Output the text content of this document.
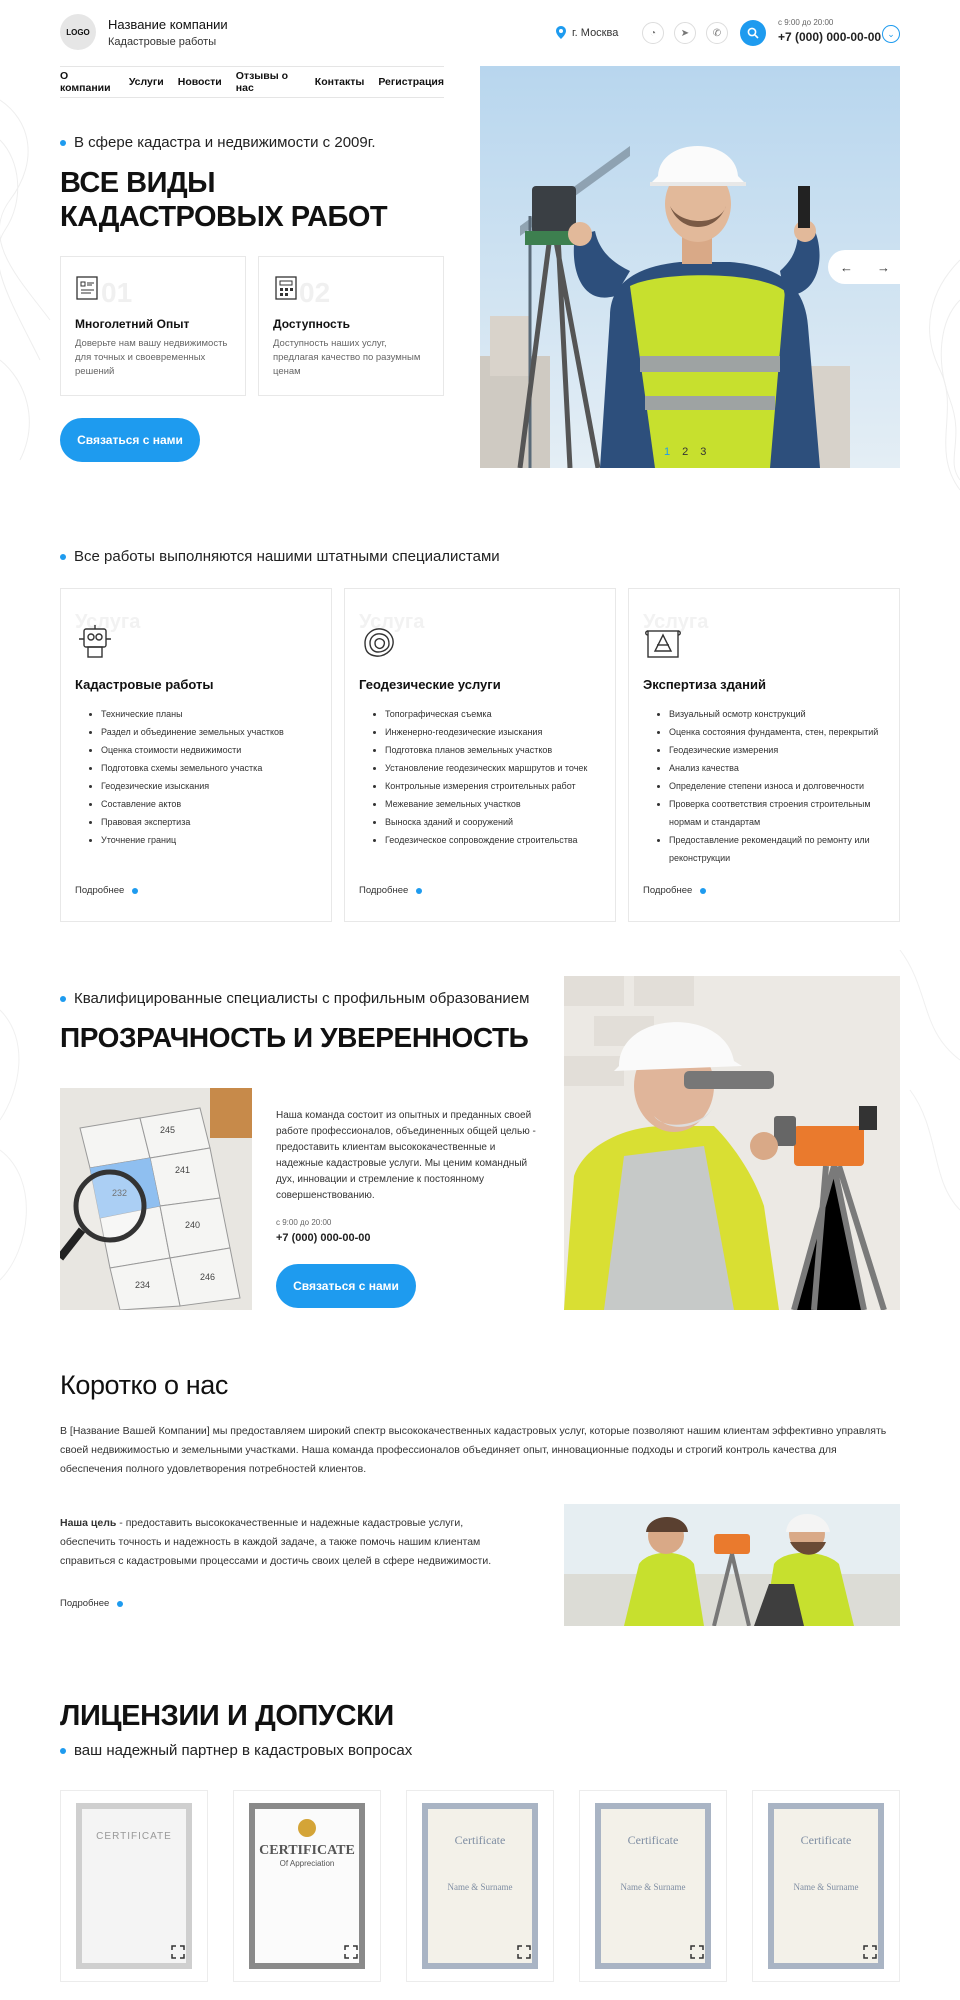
LOGO	Название компании
Кадастровые работы
г. Москва	◔	➤	✆
с 9:00 до 20:00
+7 (000) 000-00-00 ⌄
О компании	Услуги Новости Отзывы о нас	Контакты Регистрация
В сфере кадастра и недвижимости с 2009г.
ВСЕ ВИДЫ
КАДАСТРОВЫХ РАБОТ
01
Многолетний Опыт

Доверьте нам вашу недвижимость для точных и своевременных решений

02
Доступность

Доступность наших услуг, предлагая качество по разумным ценам

Связаться с нами
← →
1 2 3
Все работы выполняются нашими штатными специалистами
Услуга
Кадастровые работы
• Технические планы
• Раздел и объединение земельных участков
• Оценка стоимости недвижимости
• Подготовка схемы земельного участка
• Геодезические изыскания
• Составление актов
• Правовая экспертиза
• Уточнение границ
Подробнее
Услуга
Геодезические услуги
• Топографическая съемка
• Инженерно-геодезические изыскания
• Подготовка планов земельных участков
• Установление геодезических маршрутов и точек
• Контрольные измерения строительных работ
• Межевание земельных участков
• Выноска зданий и сооружений
• Геодезическое сопровождение строительства
Подробнее
Услуга
Экспертиза зданий
• Визуальный осмотр конструкций
• Оценка состояния фундамента, стен, перекрытий
• Геодезические измерения
• Анализ качества
• Определение степени износа и долговечности
• Проверка соответствия строения строительным нормам и стандартам
• Предоставление рекомендаций по ремонту или реконструкции
Подробнее
Квалифицированные специалисты с профильным образованием
ПРОЗРАЧНОСТЬ И УВЕРЕННОСТЬ
241
240
234
246
245
Наша команда состоит из опытных и преданных своей работе профессионалов, объединенных общей целью - предоставить клиентам высококачественные и надежные кадастровые услуги. Мы ценим командный дух, инновации и стремление к постоянному совершенствованию.
с 9:00 до 20:00
+7 (000) 000-00-00
Связаться с нами
Коротко о нас
В [Название Вашей Компании] мы предоставляем широкий спектр высококачественных кадастровых услуг, которые позволяют нашим клиентам эффективно управлять своей недвижимостью и земельными участками. Наша команда профессионалов объединяет опыт, инновационные подходы и строгий контроль качества для обеспечения полного удовлетворения потребностей клиентов.
Наша цель - предоставить высококачественные и надежные кадастровые услуги, обеспечить точность и надежность в каждой задаче, а также помочь нашим клиентам справиться с кадастровыми процессами и достичь своих целей в сфере недвижимости.
Подробнее
ЛИЦЕНЗИИ И ДОПУСКИ
ваш надежный партнер в кадастровых вопросах
CERTIFICATE
CERTIFICATE
Of Appreciation
Certificate
Name & Surname
Certificate
Name & Surname
Certificate
Name & Surname
